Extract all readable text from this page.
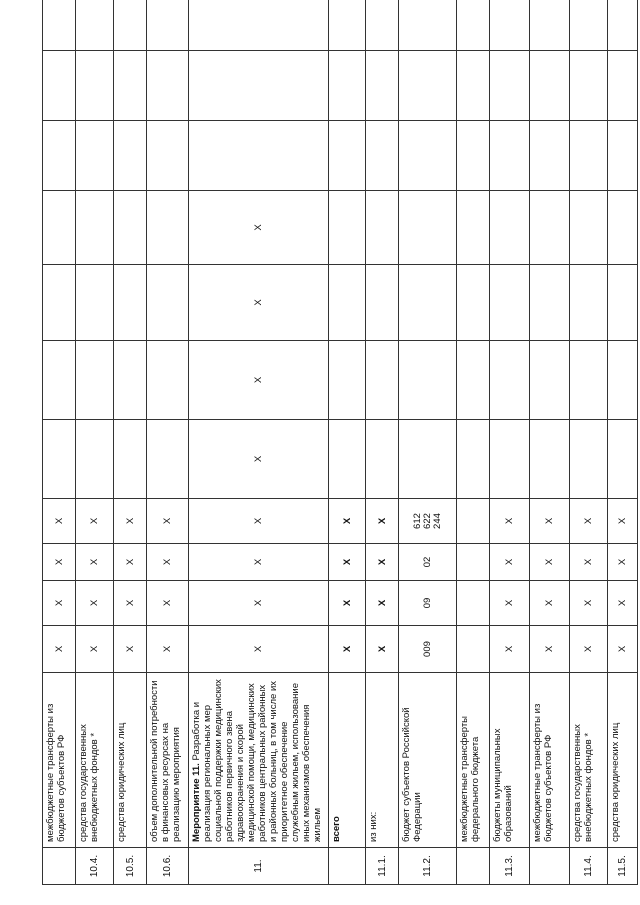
	межбюджетные трансферты из бюджетов субъектов РФ	X	X	X	X							
10.4.	средства государственных внебюджетных фондов *	X	X	X	X							
10.5.	средства юридических лиц	X	X	X	X							
10.6.	объем дополнительной потребности в финансовых ресурсах на реализацию мероприятия	X	X	X	X							
11.	Мероприятие 11. Разработка и реализация региональных мер социальной поддержки медицинских работников первичного звена здравоохранения и скорой медицинской помощи, медицинских работников центральных районных и районных больниц, в том числе их приоритетное обеспечение служебным жильем, использование иных механизмов обеспечения жильем	X	X	X	X	X	X	X	X			
	всего	X	X	X	X							
11.1.	из них:	X	X	X	X							
11.2.	бюджет субъектов Российской Федерации	009	09	02	612 622 244							

	межбюджетные трансферты федерального бюджета											
11.3.	бюджеты муниципальных образований	X	X	X	X							
	межбюджетные трансферты из бюджетов субъектов РФ	X	X	X	X							
11.4.	средства государственных внебюджетных фондов *	X	X	X	X							
11.5.	средства юридических лиц	X	X	X	X							
